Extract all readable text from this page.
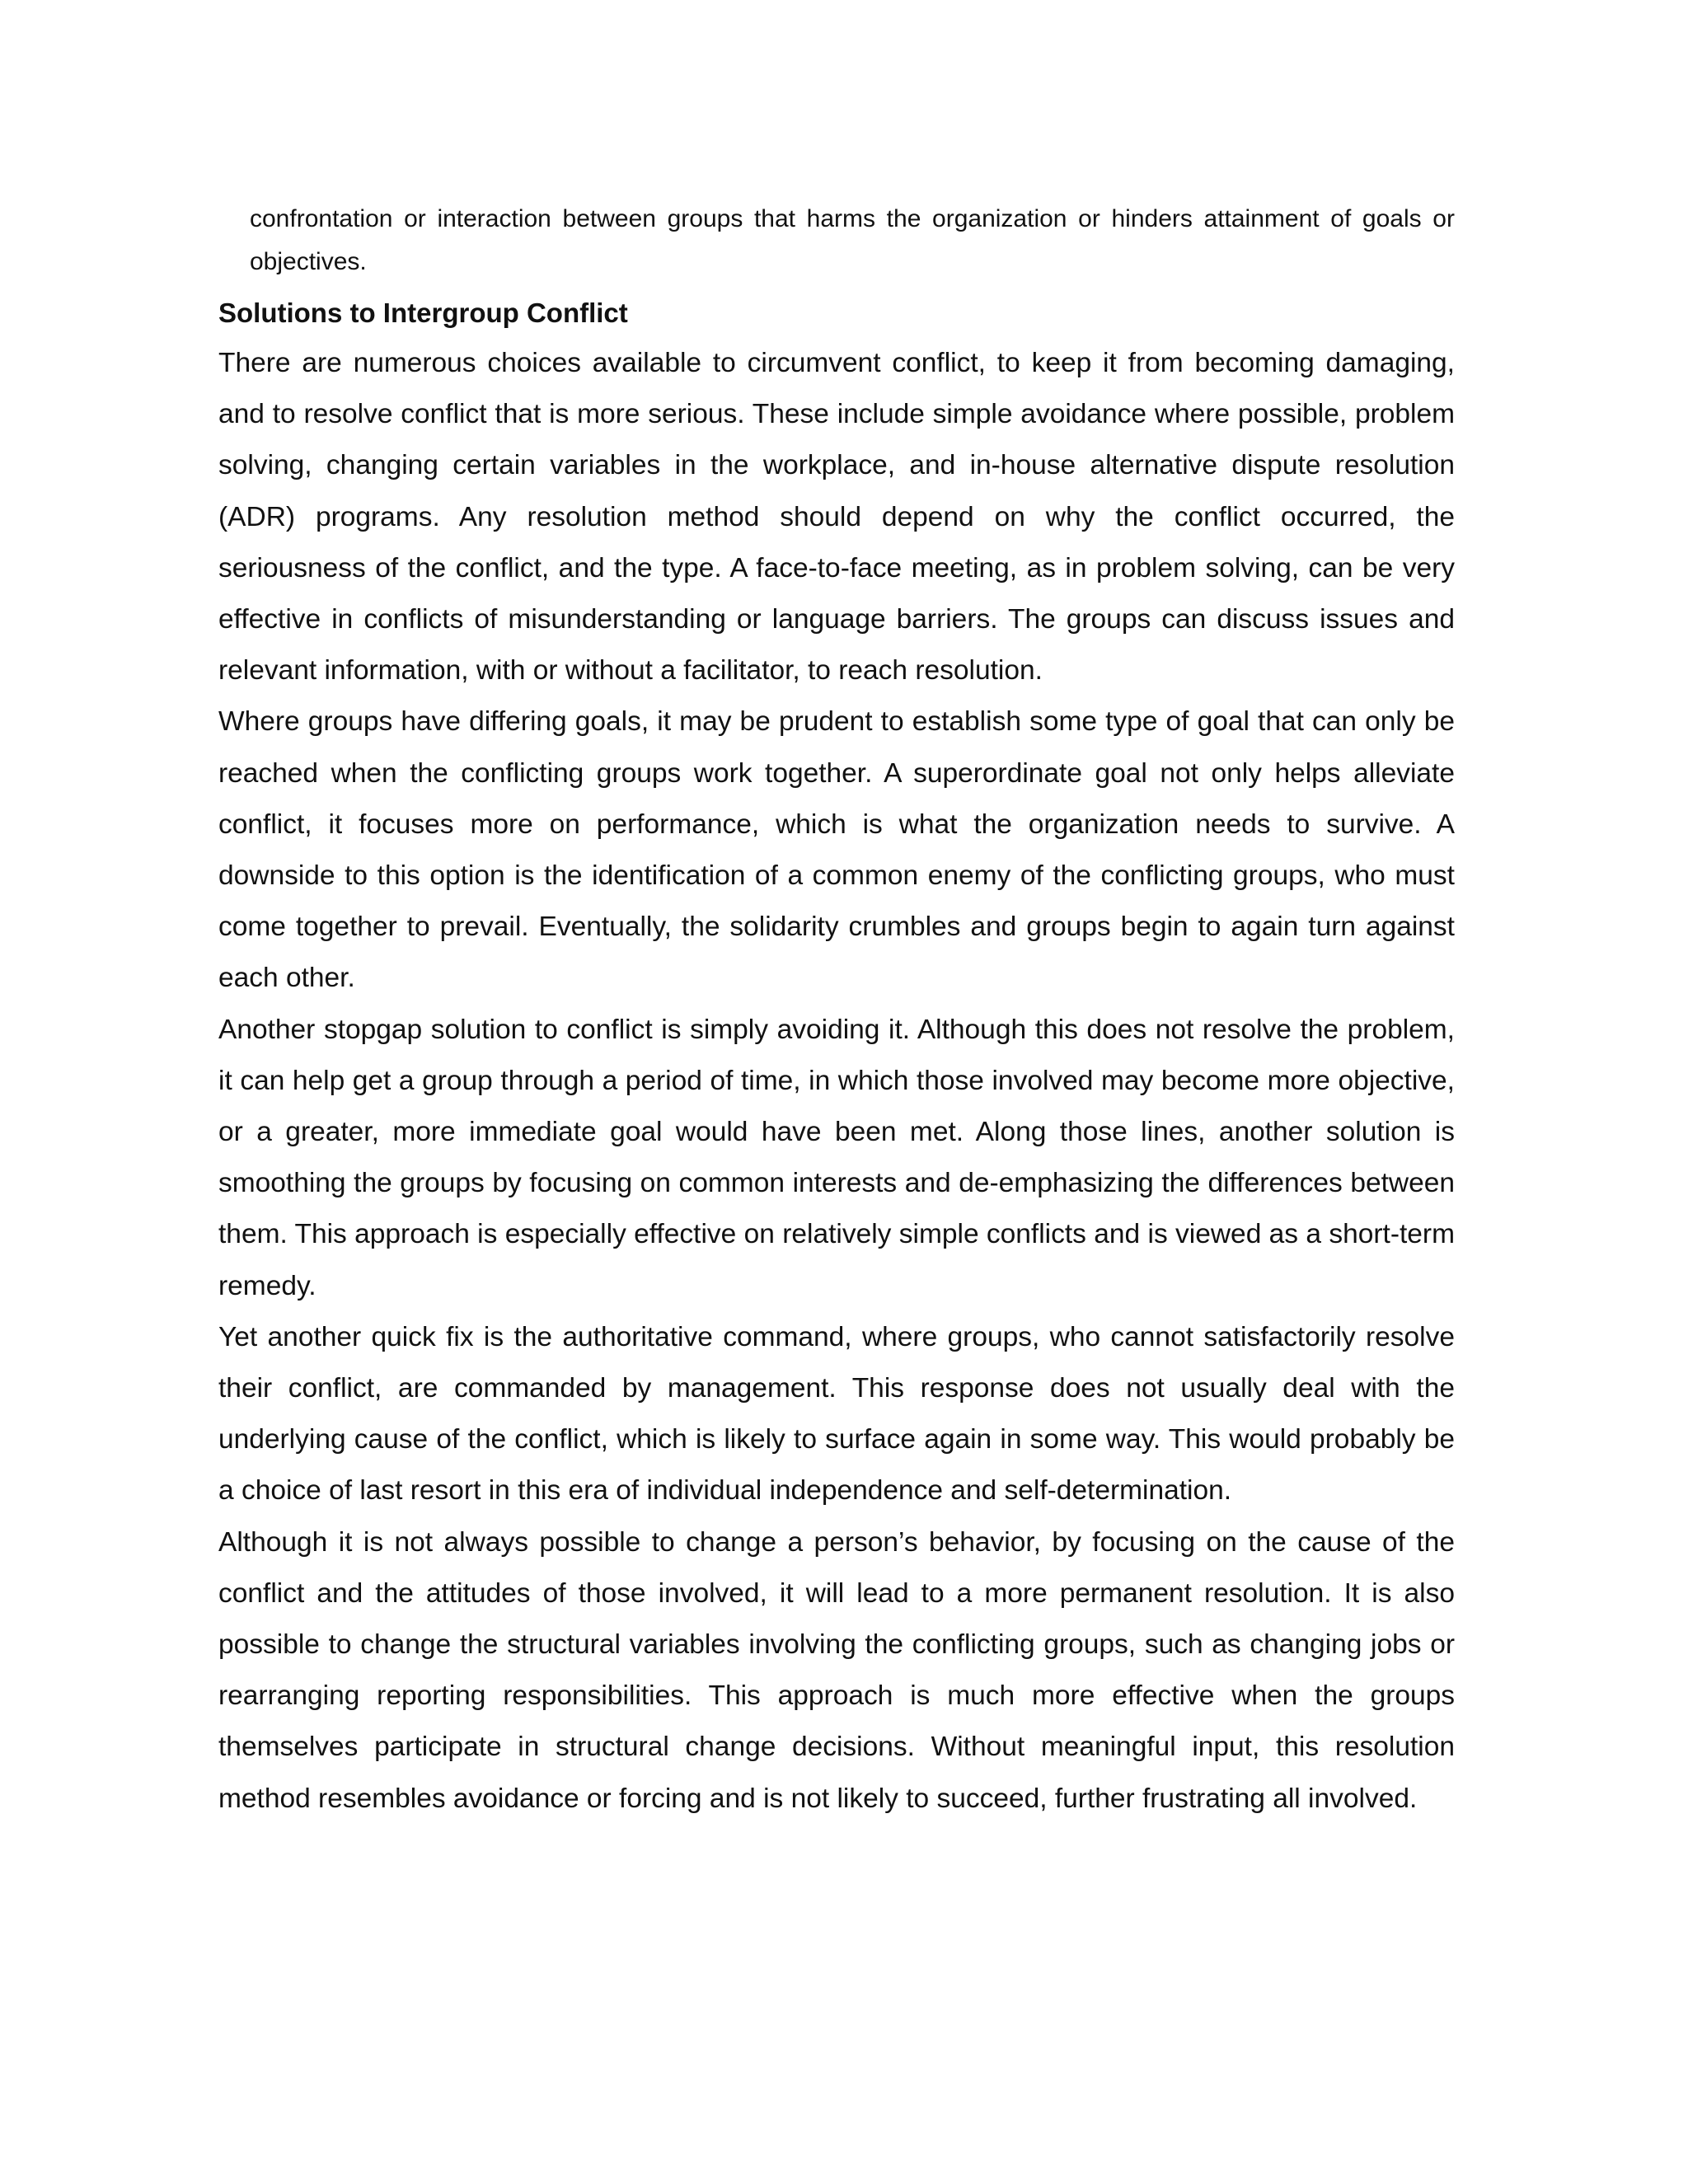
confrontation or interaction between groups that harms the organization or hinders attainment of goals or objectives.

Solutions to Intergroup Conflict

There are numerous choices available to circumvent conflict, to keep it from becoming damaging, and to resolve conflict that is more serious. These include simple avoidance where possible, problem solving, changing certain variables in the workplace, and in-house alternative dispute resolution (ADR) programs. Any resolution method should depend on why the conflict occurred, the seriousness of the conflict, and the type. A face-to-face meeting, as in problem solving, can be very effective in conflicts of misunderstanding or language barriers. The groups can discuss issues and relevant information, with or without a facilitator, to reach resolution.

Where groups have differing goals, it may be prudent to establish some type of goal that can only be reached when the conflicting groups work together. A superordinate goal not only helps alleviate conflict, it focuses more on performance, which is what the organization needs to survive. A downside to this option is the identification of a common enemy of the conflicting groups, who must come together to prevail. Eventually, the solidarity crumbles and groups begin to again turn against each other.

Another stopgap solution to conflict is simply avoiding it. Although this does not resolve the problem, it can help get a group through a period of time, in which those involved may become more objective, or a greater, more immediate goal would have been met. Along those lines, another solution is smoothing the groups by focusing on common interests and de-emphasizing the differences between them. This approach is especially effective on relatively simple conflicts and is viewed as a short-term remedy.

Yet another quick fix is the authoritative command, where groups, who cannot satisfactorily resolve their conflict, are commanded by management. This response does not usually deal with the underlying cause of the conflict, which is likely to surface again in some way. This would probably be a choice of last resort in this era of individual independence and self-determination.

Although it is not always possible to change a person’s behavior, by focusing on the cause of the conflict and the attitudes of those involved, it will lead to a more permanent resolution. It is also possible to change the structural variables involving the conflicting groups, such as changing jobs or rearranging reporting responsibilities. This approach is much more effective when the groups themselves participate in structural change decisions. Without meaningful input, this resolution method resembles avoidance or forcing and is not likely to succeed, further frustrating all involved.
